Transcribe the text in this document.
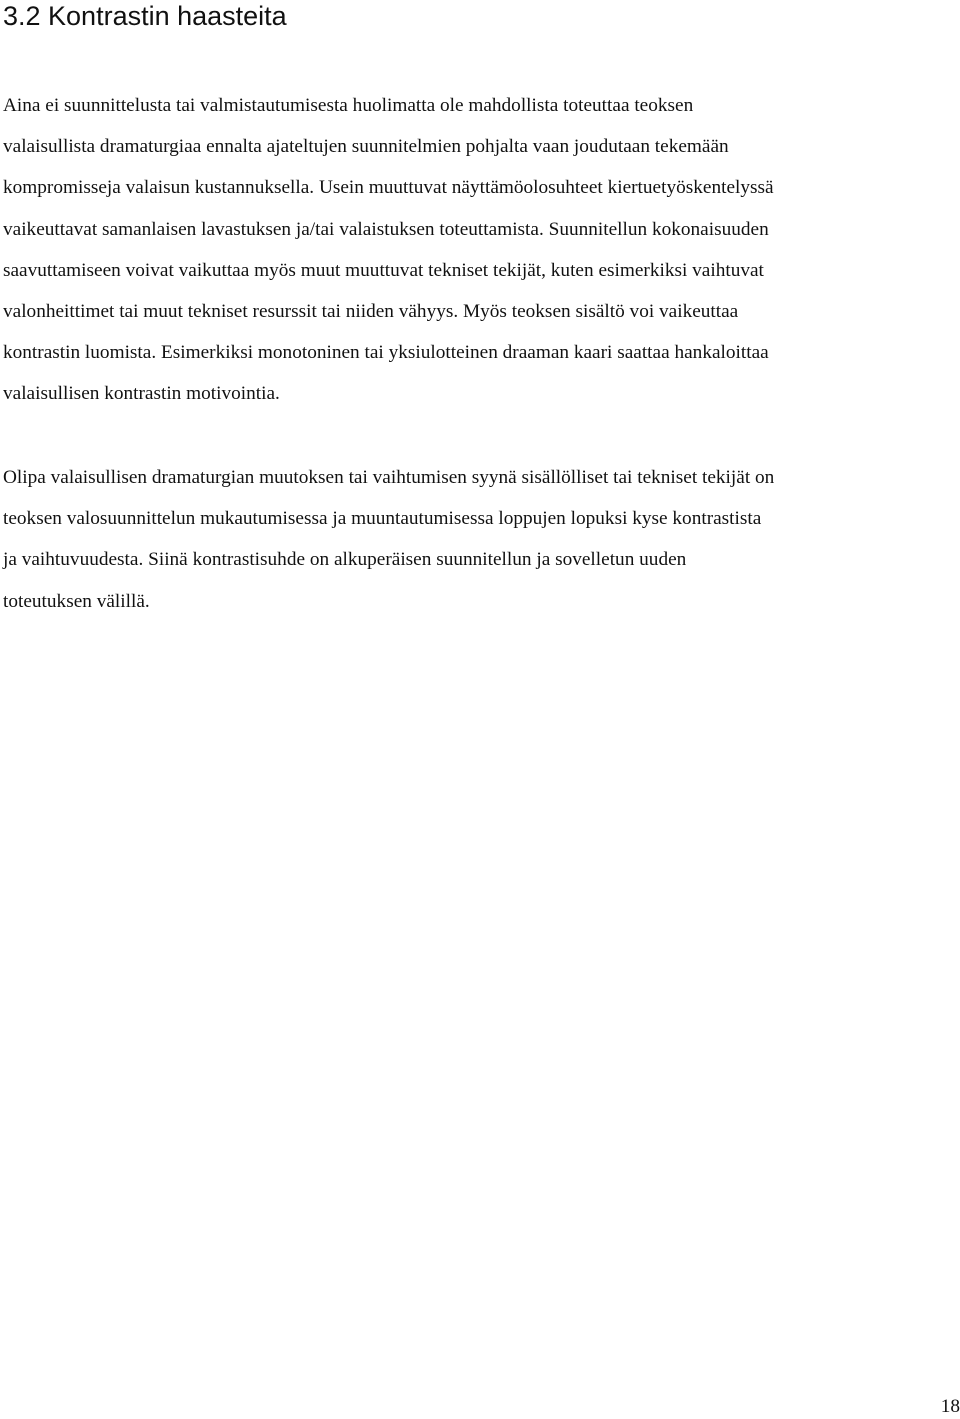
3.2 Kontrastin haasteita

Aina ei suunnittelusta tai valmistautumisesta huolimatta ole mahdollista toteuttaa teoksen
valaisullista dramaturgiaa ennalta ajateltujen suunnitelmien pohjalta vaan joudutaan tekemään
kompromisseja valaisun kustannuksella. Usein muuttuvat näyttämöolosuhteet kiertuetyöskentelyssä
vaikeuttavat samanlaisen lavastuksen ja/tai valaistuksen toteuttamista. Suunnitellun kokonaisuuden
saavuttamiseen voivat vaikuttaa myös muut muuttuvat tekniset tekijät, kuten esimerkiksi vaihtuvat
valonheittimet tai muut tekniset resurssit tai niiden vähyys. Myös teoksen sisältö voi vaikeuttaa
kontrastin luomista. Esimerkiksi monotoninen tai yksiulotteinen draaman kaari saattaa hankaloittaa
valaisullisen kontrastin motivointia.

Olipa valaisullisen dramaturgian muutoksen tai vaihtumisen syynä sisällölliset tai tekniset tekijät on
teoksen valosuunnittelun mukautumisessa ja muuntautumisessa loppujen lopuksi kyse kontrastista
ja vaihtuvuudesta. Siinä kontrastisuhde on alkuperäisen suunnitellun ja sovelletun uuden
toteutuksen välillä.

18
